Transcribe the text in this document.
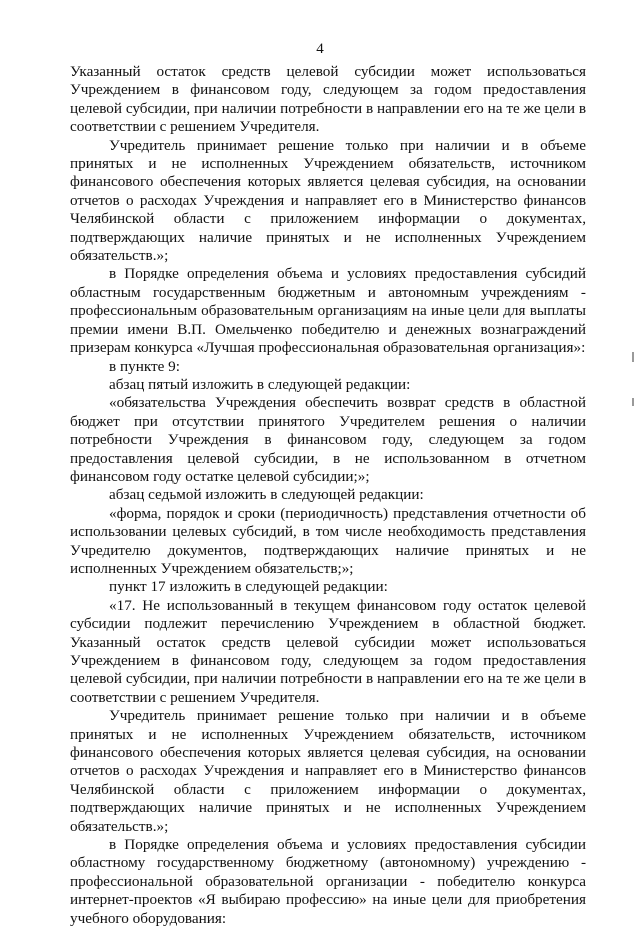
4

Указанный остаток средств целевой субсидии может использоваться Учреждением в финансовом году, следующем за годом предоставления целевой субсидии, при наличии потребности в направлении его на те же цели в соответствии с решением Учредителя.

Учредитель принимает решение только при наличии и в объеме принятых и не исполненных Учреждением обязательств, источником финансового обеспечения которых является целевая субсидия, на основании отчетов о расходах Учреждения и направляет его в Министерство финансов Челябинской области с приложением информации о документах, подтверждающих наличие принятых и не исполненных Учреждением обязательств.»;

в Порядке определения объема и условиях предоставления субсидий областным государственным бюджетным и автономным учреждениям - профессиональным образовательным организациям на иные цели для выплаты премии имени В.П. Омельченко победителю и денежных вознаграждений призерам конкурса «Лучшая профессиональная образовательная организация»:

в пункте 9:

абзац пятый изложить в следующей редакции:

«обязательства Учреждения обеспечить возврат средств в областной бюджет при отсутствии принятого Учредителем решения о наличии потребности Учреждения в финансовом году, следующем за годом предоставления целевой субсидии, в не использованном в отчетном финансовом году остатке целевой субсидии;»;

абзац седьмой изложить в следующей редакции:

«форма, порядок и сроки (периодичность) представления отчетности об использовании целевых субсидий, в том числе необходимость представления Учредителю документов, подтверждающих наличие принятых и не исполненных Учреждением обязательств;»;

пункт 17 изложить в следующей редакции:

«17. Не использованный в текущем финансовом году остаток целевой субсидии подлежит перечислению Учреждением в областной бюджет. Указанный остаток средств целевой субсидии может использоваться Учреждением в финансовом году, следующем за годом предоставления целевой субсидии, при наличии потребности в направлении его на те же цели в соответствии с решением Учредителя.

Учредитель принимает решение только при наличии и в объеме принятых и не исполненных Учреждением обязательств, источником финансового обеспечения которых является целевая субсидия, на основании отчетов о расходах Учреждения и направляет его в Министерство финансов Челябинской области с приложением информации о документах, подтверждающих наличие принятых и не исполненных Учреждением обязательств.»;

в Порядке определения объема и условиях предоставления субсидии областному государственному бюджетному (автономному) учреждению - профессиональной образовательной организации - победителю конкурса интернет-проектов «Я выбираю профессию» на иные цели для приобретения учебного оборудования:
